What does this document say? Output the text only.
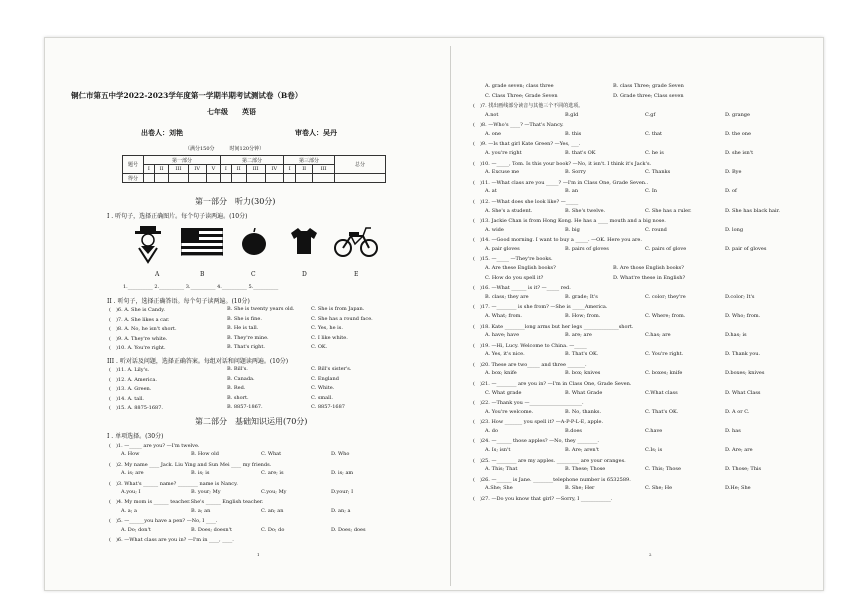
铜仁市第五中学2022-2023学年度第一学期半期考试测试卷（B卷）
七年级　　英语
出卷人：刘艳	审卷人：吴丹
（满分150分　　　时间120分钟）
题号	第一部分					第二部分				第三部分			总分
	I	II	III	IV	V	I	II	III	IV	I	II	III	
得分													
第一部分　听力(30分)
I . 听句子，选择正确图片。每个句子读两遍。(10分)
A	B	C	D	E
1.__________ 2.__________ 3.__________ 4.__________ 5.__________
II . 听句子，选择正确答语。每个句子读两遍。(10分)
(　)6. A. She is Candy.	B. She is twenty years old.	C. She is from Japan.
(　)7. A. She likes a car.	B. She is fine.	C. She has a round face.
(　)8. A. No, he isn't short.	B. He is tall.	C. Yes, he is.
(　)9. A. They're white.	B. They're mine.	C. I like white.
(　)10. A. You're right.	B. That's right.	C. OK.
III . 听对话及问题，选择正确答案。每组对话和问题读两遍。(10分)
(　)11. A. Lily's.	B. Bill's.	C. Bill's sister's.
(　)12. A. America.	B. Canada.	C. England
(　)13. A. Green.	B. Red.	C. White.
(　)14. A. tall.	B. short.	C. small.
(　)15. A. 8875-1687.	B. 8857-1867.	C. 8857-1687
第二部分　基础知识运用(70分)
I . 单项选择。(30分)
(　)1. —_____ are you? —I'm twelve.
A. How	B. How old	C. What	D. Who
(　)2. My name ____ Jack. Liu Ying and Sun Mei ____ my friends.
A. is; are	B. is; is	C. are; is	D. is; am
(　)3. What's ______ name? ________ name is Nancy.
A.you; I	B. your; My	C.you; My	D.your; I
(　)4. My mom is ______ teacher.She's ______ English teacher.
A. a; a	B. a; an	C. an; an	D. an; a
(　)5. —______you have a pen? —No, I ____.
A. Do; don't	B. Does; doesn't	C. Do; do	D. Does; does
(　)6. —What class are you in? —I'm in ____, ____.
1
A. grade seven; class three	B. class Three; grade Seven
C. Class Three; Grade Seven	D. Grade three; Class seven
(　)7. 找出画线部分读音与其他三个不同的选项。
A.not	B.gld	C.gf	D. grange
(　)8. —Who's ____? —That's Nancy.
A. one	B. this	C. that	D. the one
(　)9. —Is that girl Kate Green? —Yes, ___.
A. you're right	B. that's OK	C. he is	D. she isn't
(　)10. —_____, Tom. Is this your book? —No, it isn't. I think it's Jack's.
A. Excuse me	B. Sorry	C. Thanks	D. Bye
(　)11. —What class are you _____? —I'm in Class One, Grade Seven..
A. at	B. an	C. In	D. of
(　)12. —What does she look like? —_____
A. She's a student.	B. She's twelve.	C. She has a ruler.	D. She has black hair.
(　)13. Jackie Chan is from Hong Kong. He has a ____ mouth and a big nose.
A. wide	B. big	C. round	D. long
(　)14. —Good morning. I want to buy a _____. —OK. Here you are.
A. pair gloves	B. pairs of gloves	C. pairs of glove	D. pair of gloves
(　)15. —_____ —They're books.
A. Are these English books?	B. Are those English books?
C. How do you spell it?	D. What're these in English?
(　)16. —What ______ is it? —_____ red.
B. class; they are	B. grade; It's	C. color; they're	D.color; It's
(　)17. —________ is she from? —She is _____America.
A. What; from.	B. How; from.	C. Where; from.	D. Who; from.
(　)18. Kate ________long arms but her legs ______________short.
A. have; have	B. are; are	C.has; are	D.has; is
(　)19. —Hi, Lucy. Welcome to China. —_____
A. Yes, it's nice.	B. That's OK.	C. You're right.	D. Thank you.
(　)20. These are two_____ and three _______.
A. box; knife	B. box; knives	C. boxes; knife	D.boxes; knives
(　)21. —________ are you in? —I'm in Class One, Grade Seven.
C. What grade	B. What Grade	C.What class	D. What Class
(　)22. —Thank you —_____________________.
A. You're welcome.	B. No, thanks.	C. That's OK.	D. A or C.
(　)23. How _______ you spell it? —A-P-P-L-E, apple.
A. do	B.does	C.have	D. has
(　)24. —______ those apples? —No, they ________.
A. Is; isn't	B. Are; aren't	C.Is; is	D. Are; are
(　)25. —________ are my apples. _________ are your oranges.
A. This; That	B. These; Those	C. This; Those	D. Those; This
(　)26. —______ is Jane. ________telephone number is 6532589.
A.She; She	B. She; Her	C. She; He	D.He; She
(　)27. —Do you know that girl? —Sorry, I ____________.
2
